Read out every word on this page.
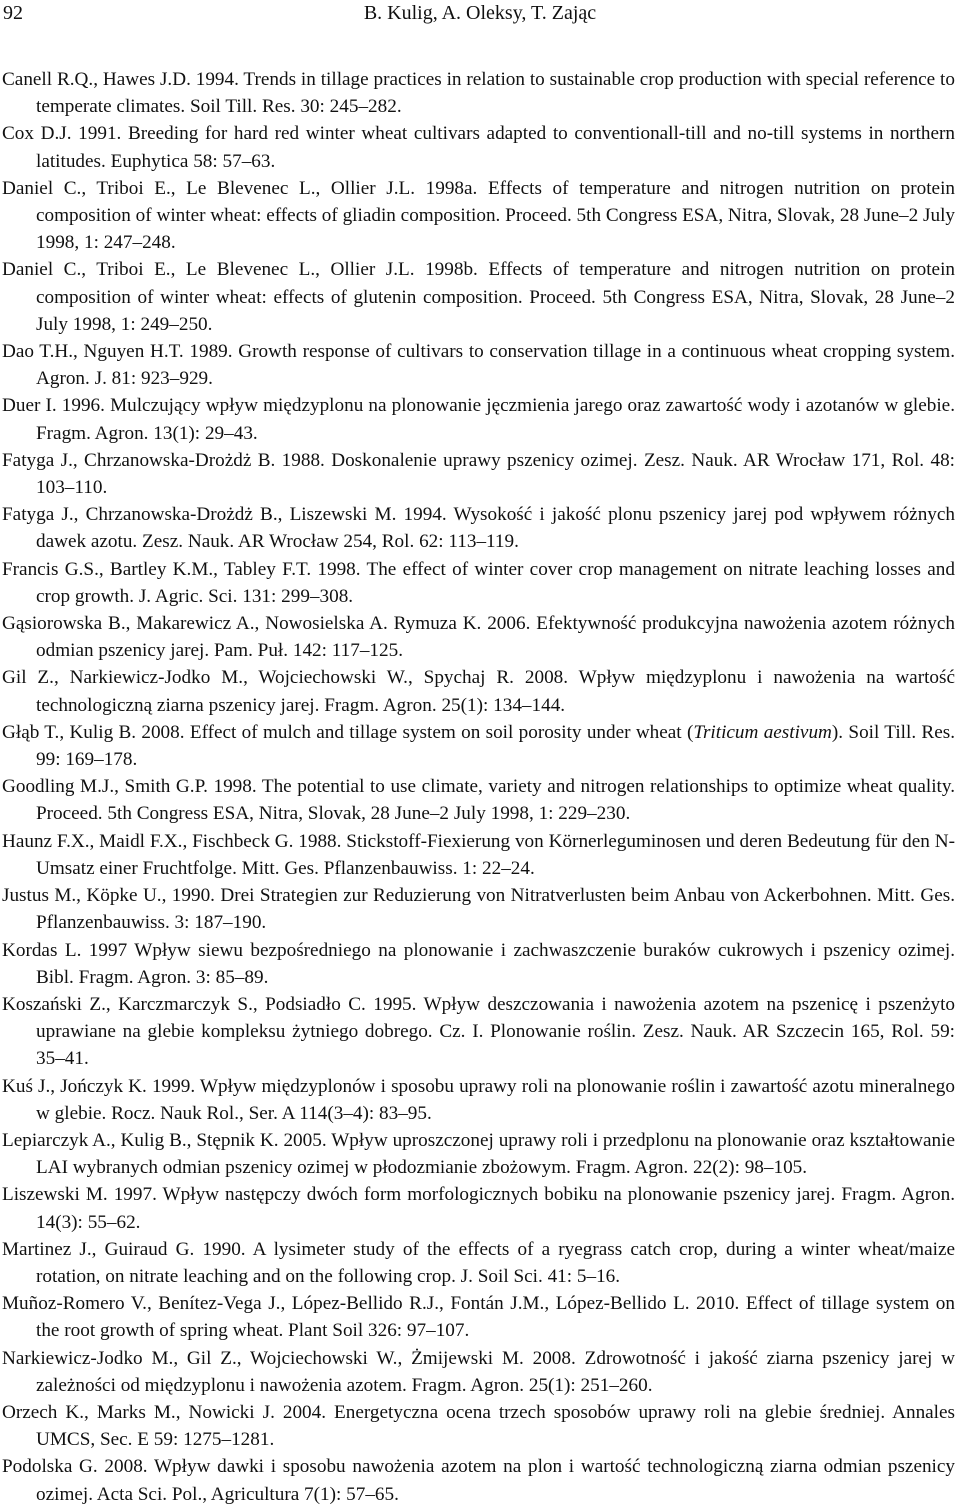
92	B. Kulig, A. Oleksy, T. Zając
Canell R.Q., Hawes J.D. 1994. Trends in tillage practices in relation to sustainable crop production with special reference to temperate climates. Soil Till. Res. 30: 245–282.
Cox D.J. 1991. Breeding for hard red winter wheat cultivars adapted to conventionall-till and no-till systems in northern latitudes. Euphytica 58: 57–63.
Daniel C., Triboi E., Le Blevenec L., Ollier J.L. 1998a. Effects of temperature and nitrogen nutrition on protein composition of winter wheat: effects of gliadin composition. Proceed. 5th Congress ESA, Nitra, Slovak, 28 June–2 July 1998, 1: 247–248.
Daniel C., Triboi E., Le Blevenec L., Ollier J.L. 1998b. Effects of temperature and nitrogen nutrition on protein composition of winter wheat: effects of glutenin composition. Proceed. 5th Congress ESA, Nitra, Slovak, 28 June–2 July 1998, 1: 249–250.
Dao T.H., Nguyen H.T. 1989. Growth response of cultivars to conservation tillage in a continuous wheat cropping system. Agron. J. 81: 923–929.
Duer I. 1996. Mulczujący wpływ międzyplonu na plonowanie jęczmienia jarego oraz zawartość wody i azotanów w glebie. Fragm. Agron. 13(1): 29–43.
Fatyga J., Chrzanowska-Drożdż B. 1988. Doskonalenie uprawy pszenicy ozimej. Zesz. Nauk. AR Wrocław 171, Rol. 48: 103–110.
Fatyga J., Chrzanowska-Drożdż B., Liszewski M. 1994. Wysokość i jakość plonu pszenicy jarej pod wpływem różnych dawek azotu. Zesz. Nauk. AR Wrocław 254, Rol. 62: 113–119.
Francis G.S., Bartley K.M., Tabley F.T. 1998. The effect of winter cover crop management on nitrate leaching losses and crop growth. J. Agric. Sci. 131: 299–308.
Gąsiorowska B., Makarewicz A., Nowosielska A. Rymuza K. 2006. Efektywność produkcyjna nawożenia azotem różnych odmian pszenicy jarej. Pam. Puł. 142: 117–125.
Gil Z., Narkiewicz-Jodko M., Wojciechowski W., Spychaj R. 2008. Wpływ międzyplonu i nawożenia na wartość technologiczną ziarna pszenicy jarej. Fragm. Agron. 25(1): 134–144.
Głąb T., Kulig B. 2008. Effect of mulch and tillage system on soil porosity under wheat (Triticum aestivum). Soil Till. Res. 99: 169–178.
Goodling M.J., Smith G.P. 1998. The potential to use climate, variety and nitrogen relationships to optimize wheat quality. Proceed. 5th Congress ESA, Nitra, Slovak, 28 June–2 July 1998, 1: 229–230.
Haunz F.X., Maidl F.X., Fischbeck G. 1988. Stickstoff-Fiexierung von Körnerleguminosen und deren Bedeutung für den N-Umsatz einer Fruchtfolge. Mitt. Ges. Pflanzenbauwiss. 1: 22–24.
Justus M., Köpke U., 1990. Drei Strategien zur Reduzierung von Nitratverlusten beim Anbau von Ackerbohnen. Mitt. Ges. Pflanzenbauwiss. 3: 187–190.
Kordas L. 1997 Wpływ siewu bezpośredniego na plonowanie i zachwaszczenie buraków cukrowych i pszenicy ozimej. Bibl. Fragm. Agron. 3: 85–89.
Koszański Z., Karczmarczyk S., Podsiadło C. 1995. Wpływ deszczowania i nawożenia azotem na pszenicę i pszenżyto uprawiane na glebie kompleksu żytniego dobrego. Cz. I. Plonowanie roślin. Zesz. Nauk. AR Szczecin 165, Rol. 59: 35–41.
Kuś J., Jończyk K. 1999. Wpływ międzyplonów i sposobu uprawy roli na plonowanie roślin i zawartość azotu mineralnego w glebie. Rocz. Nauk Rol., Ser. A 114(3–4): 83–95.
Lepiarczyk A., Kulig B., Stępnik K. 2005. Wpływ uproszczonej uprawy roli i przedplonu na plonowanie oraz kształtowanie LAI wybranych odmian pszenicy ozimej w płodozmianie zbożowym. Fragm. Agron. 22(2): 98–105.
Liszewski M. 1997. Wpływ następczy dwóch form morfologicznych bobiku na plonowanie pszenicy jarej. Fragm. Agron. 14(3): 55–62.
Martinez J., Guiraud G. 1990. A lysimeter study of the effects of a ryegrass catch crop, during a winter wheat/maize rotation, on nitrate leaching and on the following crop. J. Soil Sci. 41: 5–16.
Muñoz-Romero V., Benítez-Vega J., López-Bellido R.J., Fontán J.M., López-Bellido L. 2010. Effect of tillage system on the root growth of spring wheat. Plant Soil 326: 97–107.
Narkiewicz-Jodko M., Gil Z., Wojciechowski W., Żmijewski M. 2008. Zdrowotność i jakość ziarna pszenicy jarej w zależności od międzyplonu i nawożenia azotem. Fragm. Agron. 25(1): 251–260.
Orzech K., Marks M., Nowicki J. 2004. Energetyczna ocena trzech sposobów uprawy roli na glebie średniej. Annales UMCS, Sec. E 59: 1275–1281.
Podolska G. 2008. Wpływ dawki i sposobu nawożenia azotem na plon i wartość technologiczną ziarna odmian pszenicy ozimej. Acta Sci. Pol., Agricultura 7(1): 57–65.
